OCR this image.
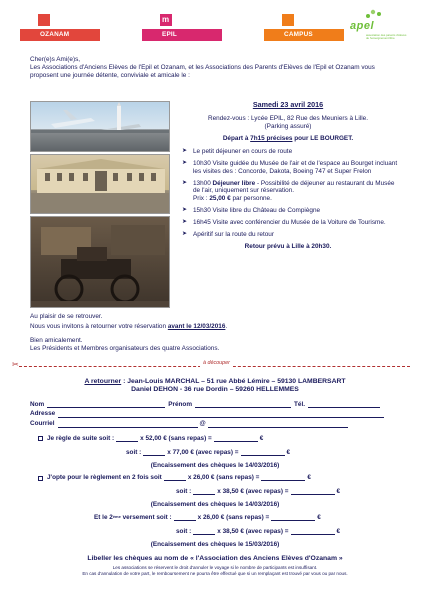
OZANAM
m
EPIL	CAMPUS
apel
association des parents d'élèves de l'enseignement libre

Cher(e)s Ami(e)s,

Les Associations d'Anciens Elèves de l'Epil et Ozanam, et les Associations des Parents d'Elèves de l'Epil et Ozanam vous proposent une journée détente, conviviale et amicale le :

Samedi 23 avril 2016
Rendez-vous : Lycée EPIL, 82 Rue des Meuniers à Lille.
(Parking assuré)
Départ à 7h15 précises pour LE BOURGET.
➤ Le petit déjeuner en cours de route
➤ 10h30 Visite guidée du Musée de l'air et de l'espace au Bourget incluant les visites des : Concorde, Dakota, Boeing 747 et Super Frelon
➤ 13h00 Déjeuner libre - Possibilité de déjeuner au restaurant du Musée de l'air, uniquement sur réservation.
Prix : 25,00 € par personne.
➤ 15h30 Visite libre du Château de Compiègne
➤ 16h45 Visite avec conférencier du Musée de la Voiture de Tourisme.
➤ Apéritif sur la route du retour
Retour prévu à Lille à 20h30.

Au plaisir de se retrouver.

Nous vous invitons à retourner votre réservation avant le 12/03/2016.

Bien amicalement.

Les Présidents et Membres organisateurs des quatre Associations.

✂	à découper
A retourner : Jean-Louis MARCHAL – 51 rue Abbé Lémire – 59130 LAMBERSART
Daniel DEHON - 36 rue Dordin – 59260 HELLEMMES
Nom	Prénom	Tél.
Adresse
Courriel	@
Je règle de suite soit :	x 52,00 € (sans repas) =	€
soit :	x 77,00 € (avec repas) =	€
(Encaissement des chèques le 14/03/2016)
J'opte pour le règlement en 2 fois soit	x 26,00 € (sans repas) =	€
soit :	x 38,50 € (avec repas) =	€
(Encaissement des chèques le 14/03/2016)
Et le 2 ème versement soit :	x 26,00 € (sans repas) =	€
soit :	x 38,50 € (avec repas) =	€
(Encaissement des chèques le 15/03/2016)
Libeller les chèques au nom de « l'Association des Anciens Elèves d'Ozanam »
Les associations se réservent le droit d'annuler le voyage si le nombre de participants est insuffisant.
En cas d'annulation de votre part, le remboursement ne pourra être effectué que si un remplaçant est trouvé par vous ou par nous.
